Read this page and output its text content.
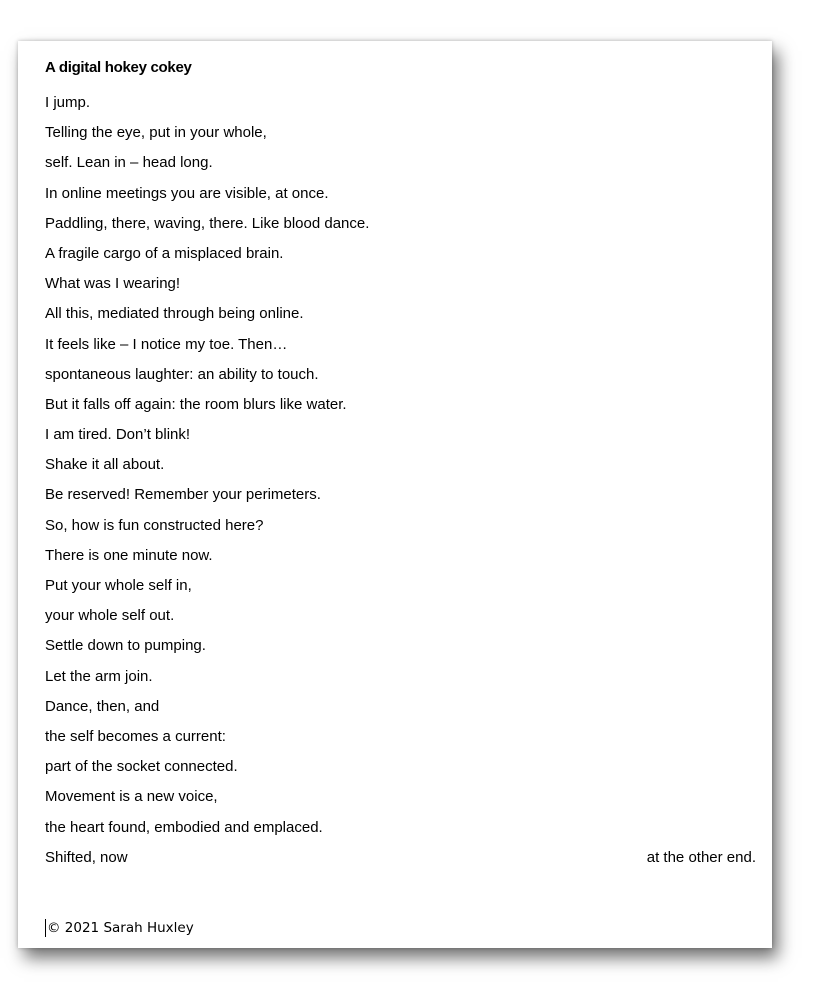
A digital hokey cokey
I jump.
Telling the eye, put in your whole,
self. Lean in – head long.
In online meetings you are visible, at once.
Paddling, there, waving, there. Like blood dance.
A fragile cargo of a misplaced brain.
What was I wearing!
All this, mediated through being online.
It feels like – I notice my toe. Then…
spontaneous laughter: an ability to touch.
But it falls off again: the room blurs like water.
I am tired. Don’t blink!
Shake it all about.
Be reserved! Remember your perimeters.
So, how is fun constructed here?
There is one minute now.
Put your whole self in,
your whole self out.
Settle down to pumping.
Let the arm join.
Dance, then, and
the self becomes a current:
part of the socket connected.
Movement is a new voice,
the heart found, embodied and emplaced.
Shifted, now	at the other end.
© 2021 Sarah Huxley
